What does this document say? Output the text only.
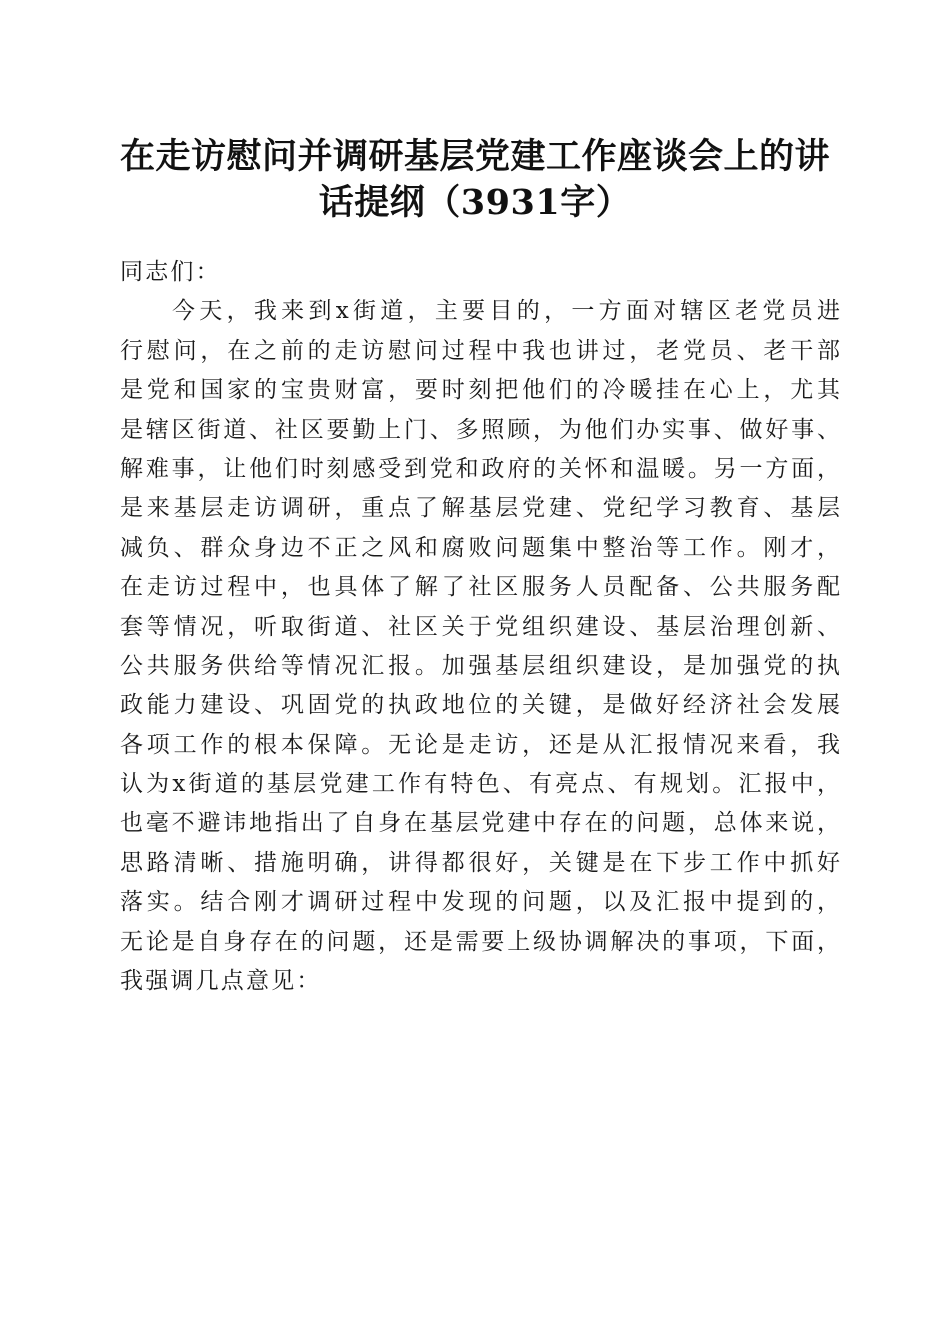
在走访慰问并调研基层党建工作座谈会上的讲
话提纲（3931字）
同志们：
今天，我来到x街道，主要目的，一方面对辖区老党员进
行慰问，在之前的走访慰问过程中我也讲过，老党员、老干部
是党和国家的宝贵财富，要时刻把他们的冷暖挂在心上，尤其
是辖区街道、社区要勤上门、多照顾，为他们办实事、做好事、
解难事，让他们时刻感受到党和政府的关怀和温暖。另一方面，
是来基层走访调研，重点了解基层党建、党纪学习教育、基层
减负、群众身边不正之风和腐败问题集中整治等工作。刚才，
在走访过程中，也具体了解了社区服务人员配备、公共服务配
套等情况，听取街道、社区关于党组织建设、基层治理创新、
公共服务供给等情况汇报。加强基层组织建设，是加强党的执
政能力建设、巩固党的执政地位的关键，是做好经济社会发展
各项工作的根本保障。无论是走访，还是从汇报情况来看，我
认为x街道的基层党建工作有特色、有亮点、有规划。汇报中，
也毫不避讳地指出了自身在基层党建中存在的问题，总体来说，
思路清晰、措施明确，讲得都很好，关键是在下步工作中抓好
落实。结合刚才调研过程中发现的问题，以及汇报中提到的，
无论是自身存在的问题，还是需要上级协调解决的事项，下面，
我强调几点意见：
